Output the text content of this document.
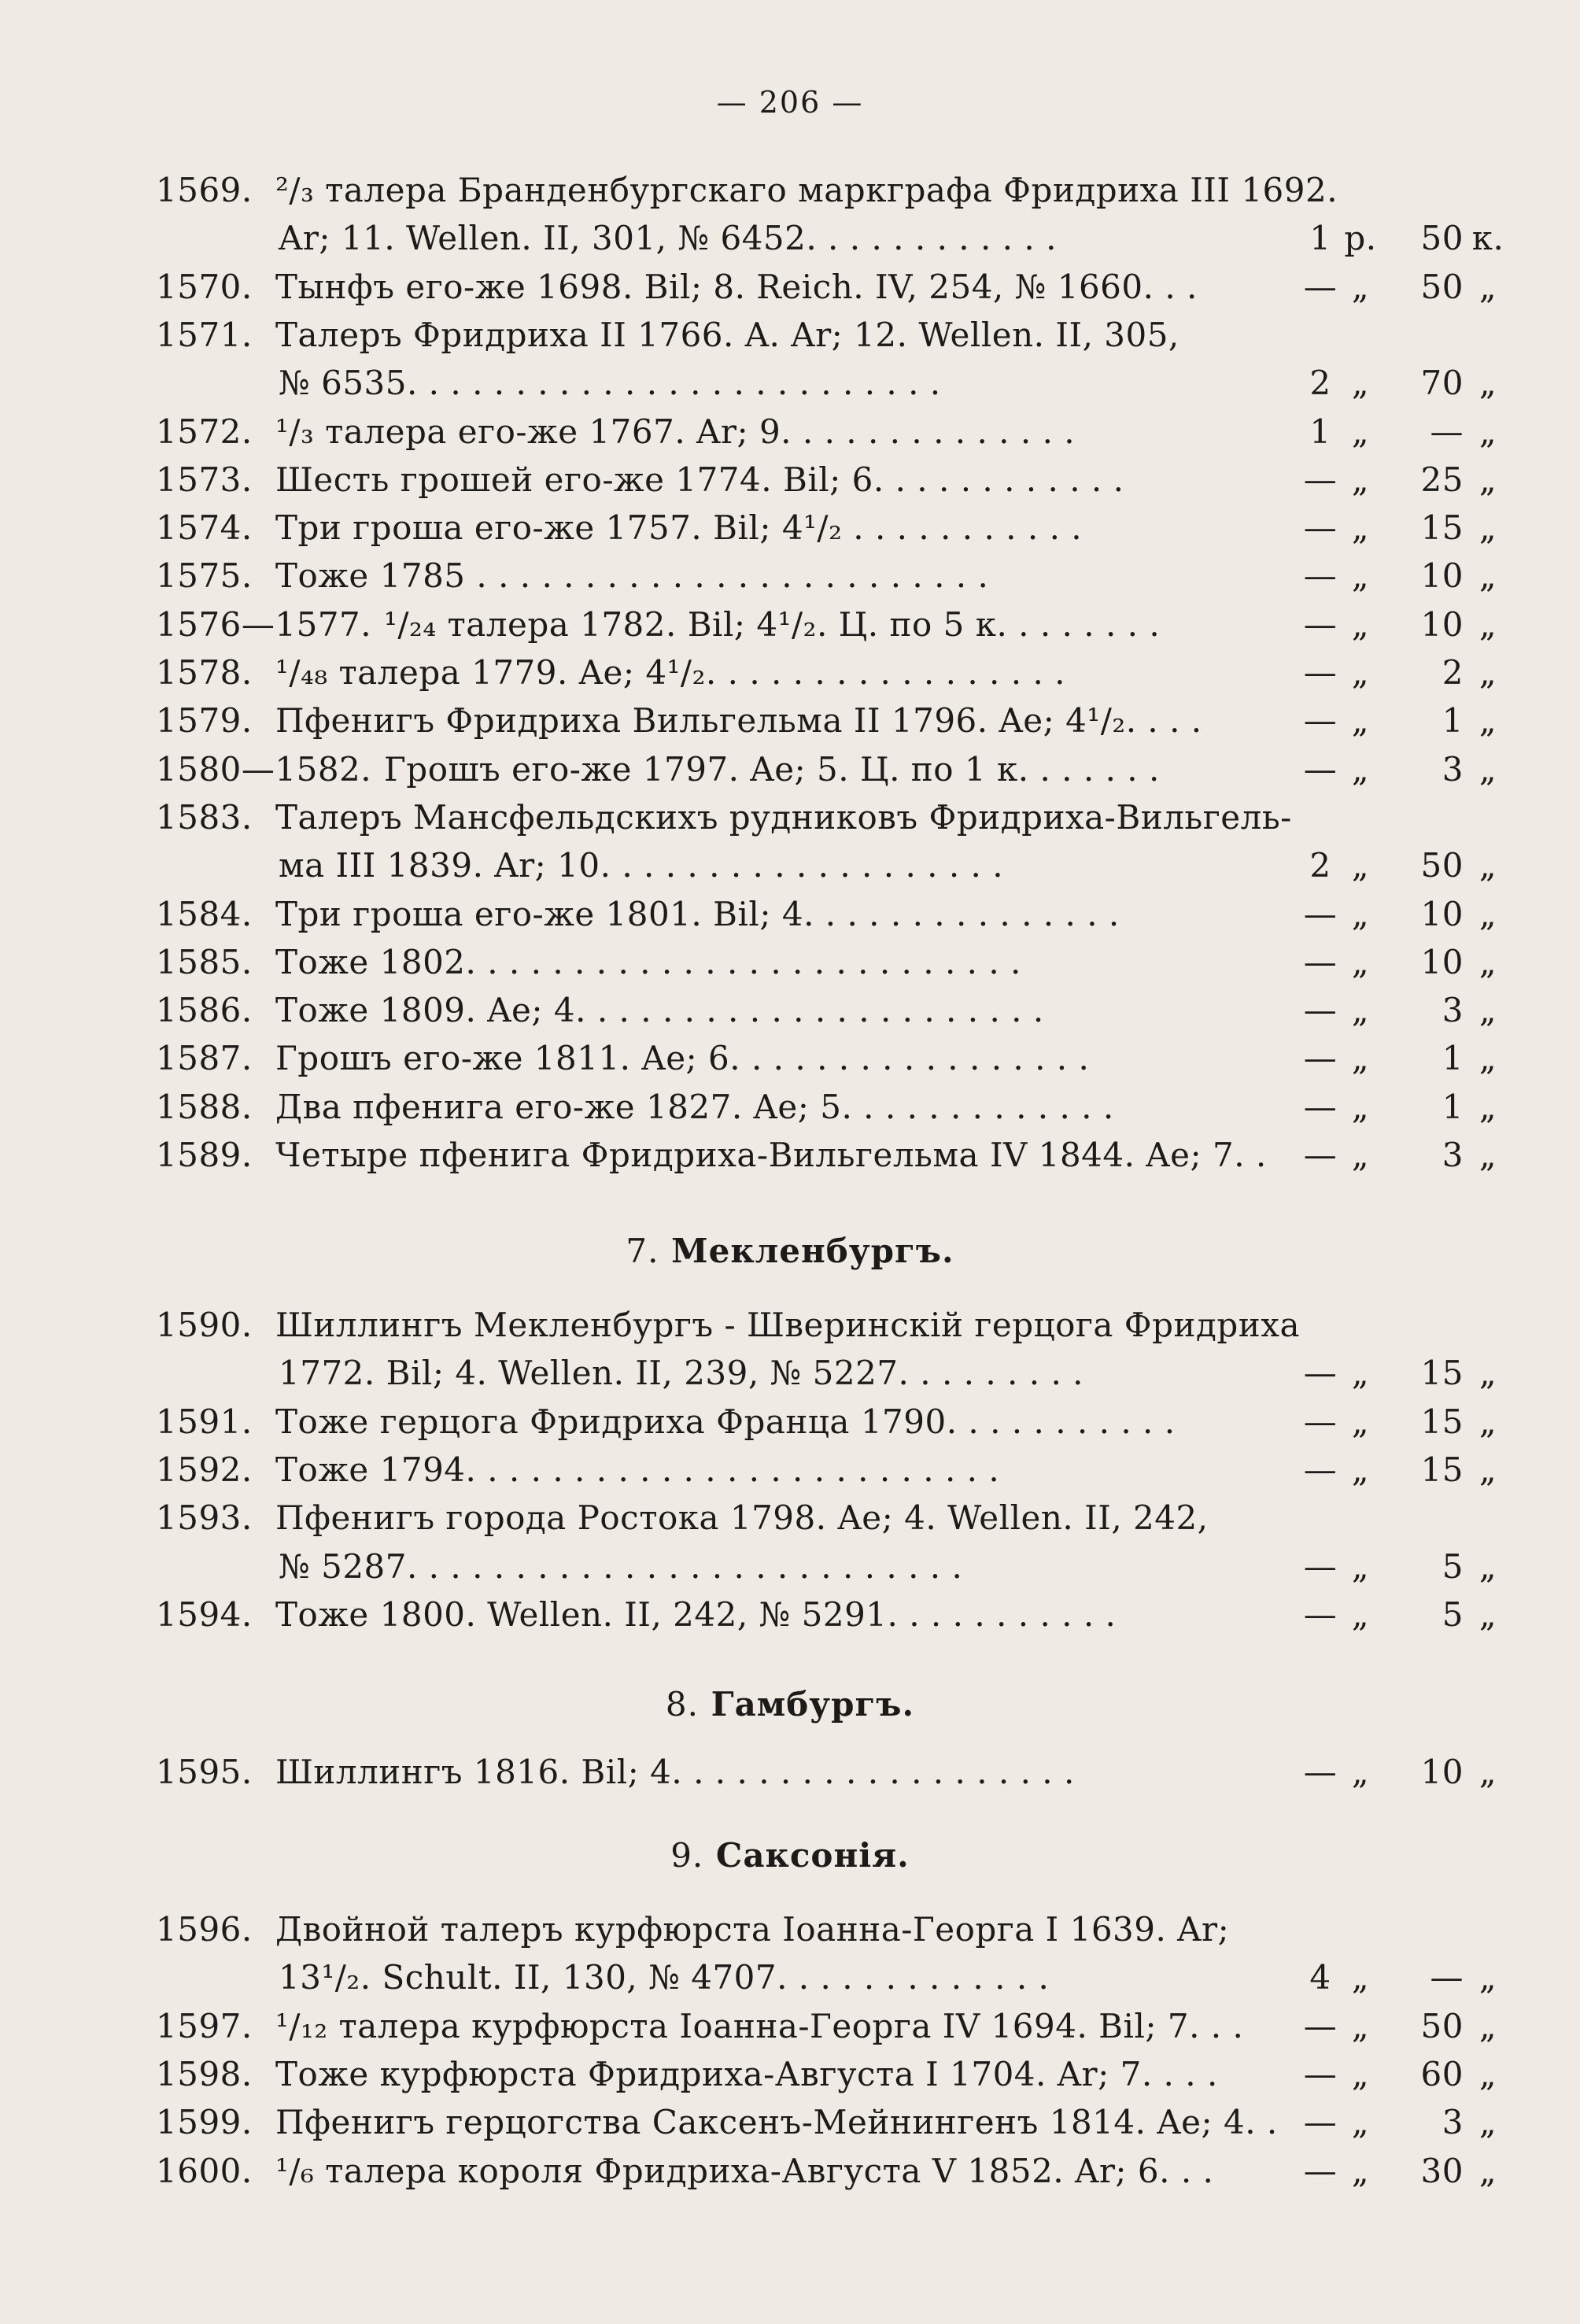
— 206 —
1569. ²/₃ талера Бранденбургскаго маркграфа Фридриха III 1692.
Ar; 11. Wellen. II, 301, № 6452. . . . . . . . . . . .	1 р.	50 к.
1570. Тынфъ его-же 1698. Bil; 8. Reich. IV, 254, № 1660. . .	— „	50 „
1571. Талеръ Фридриха II 1766. A. Ar; 12. Wellen. II, 305,
№ 6535. . . . . . . . . . . . . . . . . . . . . . . . .	2 „	70 „
1572. ¹/₃ талера его-же 1767. Ar; 9. . . . . . . . . . . . . .	1 „	— „
1573. Шесть грошей его-же 1774. Bil; 6. . . . . . . . . . . .	— „	25 „
1574. Три гроша его-же 1757. Bil; 4¹/₂ . . . . . . . . . . .	— „	15 „
1575. Тоже 1785 . . . . . . . . . . . . . . . . . . . . . . . .	— „	10 „
1576—1577. ¹/₂₄ талера 1782. Bil; 4¹/₂. Ц. по 5 к. . . . . . . .	— „	10 „
1578. ¹/₄₈ талера 1779. Ae; 4¹/₂. . . . . . . . . . . . . . . . .	— „	2 „
1579. Пфенигъ Фридриха Вильгельма II 1796. Ae; 4¹/₂. . . .	— „	1 „
1580—1582. Грошъ его-же 1797. Ae; 5. Ц. по 1 к. . . . . . .	— „	3 „
1583. Талеръ Мансфельдскихъ рудниковъ Фридриха-Вильгель-
ма III 1839. Ar; 10. . . . . . . . . . . . . . . . . . .	2 „	50 „
1584. Три гроша его-же 1801. Bil; 4. . . . . . . . . . . . . . .	— „	10 „
1585. Тоже 1802. . . . . . . . . . . . . . . . . . . . . . . . . .	— „	10 „
1586. Тоже 1809. Ae; 4. . . . . . . . . . . . . . . . . . . . . .	— „	3 „
1587. Грошъ его-же 1811. Ae; 6. . . . . . . . . . . . . . . . .	— „	1 „
1588. Два пфенига его-же 1827. Ae; 5. . . . . . . . . . . . .	— „	1 „
1589. Четыре пфенига Фридриха-Вильгельма IV 1844. Ae; 7. . — „	3 „
7. Мекленбургъ.
1590. Шиллингъ Мекленбургъ - Шверинскій герцога Фридриха
1772. Bil; 4. Wellen. II, 239, № 5227. . . . . . . . .	— „	15 „
1591. Тоже герцога Фридриха Франца 1790. . . . . . . . . . .	— „	15 „
1592. Тоже 1794. . . . . . . . . . . . . . . . . . . . . . . . .	— „	15 „
1593. Пфенигъ города Ростока 1798. Ae; 4. Wellen. II, 242,
№ 5287. . . . . . . . . . . . . . . . . . . . . . . . . .	— „	5 „
1594. Тоже 1800. Wellen. II, 242, № 5291. . . . . . . . . . .	— „	5 „
8. Гамбургъ.
1595. Шиллингъ 1816. Bil; 4. . . . . . . . . . . . . . . . . . .	— „	10 „
9. Саксонія.
1596. Двойной талеръ курфюрста Іоанна-Георга I 1639. Ar;
13¹/₂. Schult. II, 130, № 4707. . . . . . . . . . . . .	4 „	— „
1597. ¹/₁₂ талера курфюрста Іоанна-Георга IV 1694. Bil; 7. . . — „	50 „
1598. Тоже курфюрста Фридриха-Августа I 1704. Ar; 7. . . .	— „	60 „
1599. Пфенигъ герцогства Саксенъ-Мейнингенъ 1814. Ae; 4. . — „	3 „
1600. ¹/₆ талера короля Фридриха-Августа V 1852. Ar; 6. . .	— „	30 „
